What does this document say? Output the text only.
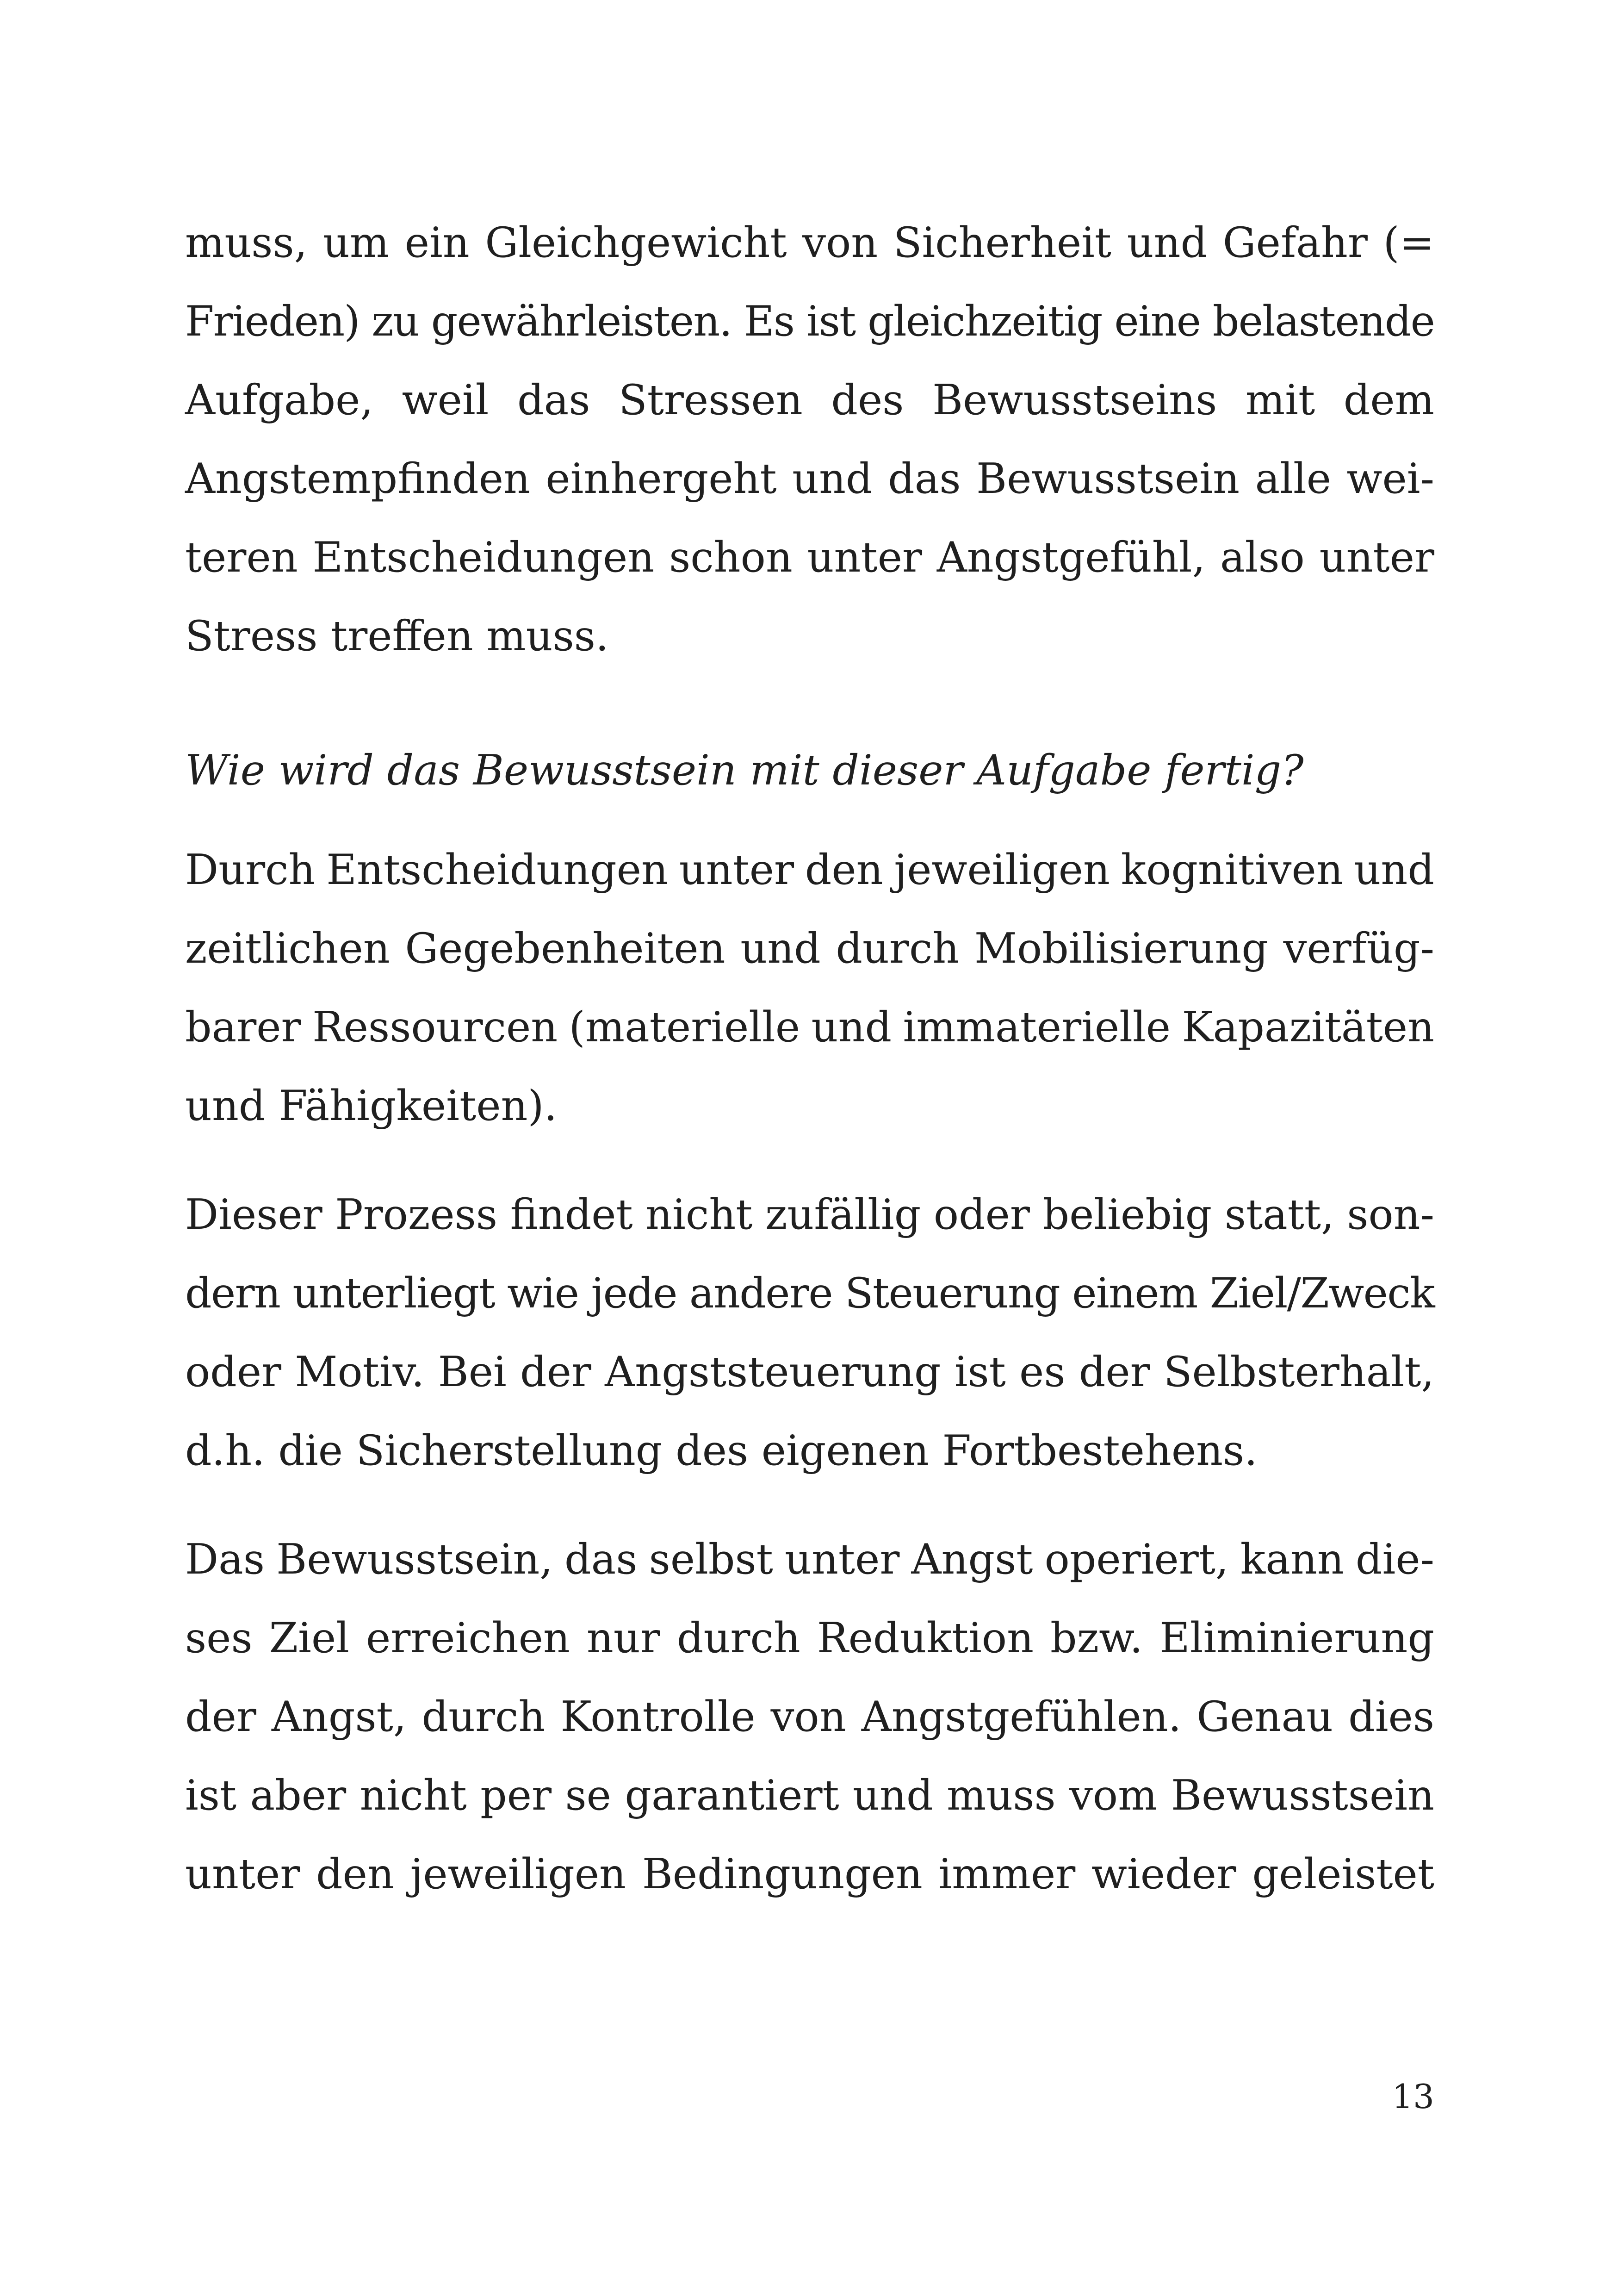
muss, um ein Gleichgewicht von Sicherheit und Gefahr (=
Frieden) zu gewährleisten. Es ist gleichzeitig eine belastende
Aufgabe, weil das Stressen des Bewusstseins mit dem
Angstempfinden einhergeht und das Bewusstsein alle wei-
teren Entscheidungen schon unter Angstgefühl, also unter
Stress treffen muss.
Wie wird das Bewusstsein mit dieser Aufgabe fertig?
Durch Entscheidungen unter den jeweiligen kognitiven und
zeitlichen Gegebenheiten und durch Mobilisierung verfüg-
barer Ressourcen (materielle und immaterielle Kapazitäten
und Fähigkeiten).
Dieser Prozess findet nicht zufällig oder beliebig statt, son-
dern unterliegt wie jede andere Steuerung einem Ziel/Zweck
oder Motiv. Bei der Angststeuerung ist es der Selbsterhalt,
d.h. die Sicherstellung des eigenen Fortbestehens.
Das Bewusstsein, das selbst unter Angst operiert, kann die-
ses Ziel erreichen nur durch Reduktion bzw. Eliminierung
der Angst, durch Kontrolle von Angstgefühlen. Genau dies
ist aber nicht per se garantiert und muss vom Bewusstsein
unter den jeweiligen Bedingungen immer wieder geleistet
13
